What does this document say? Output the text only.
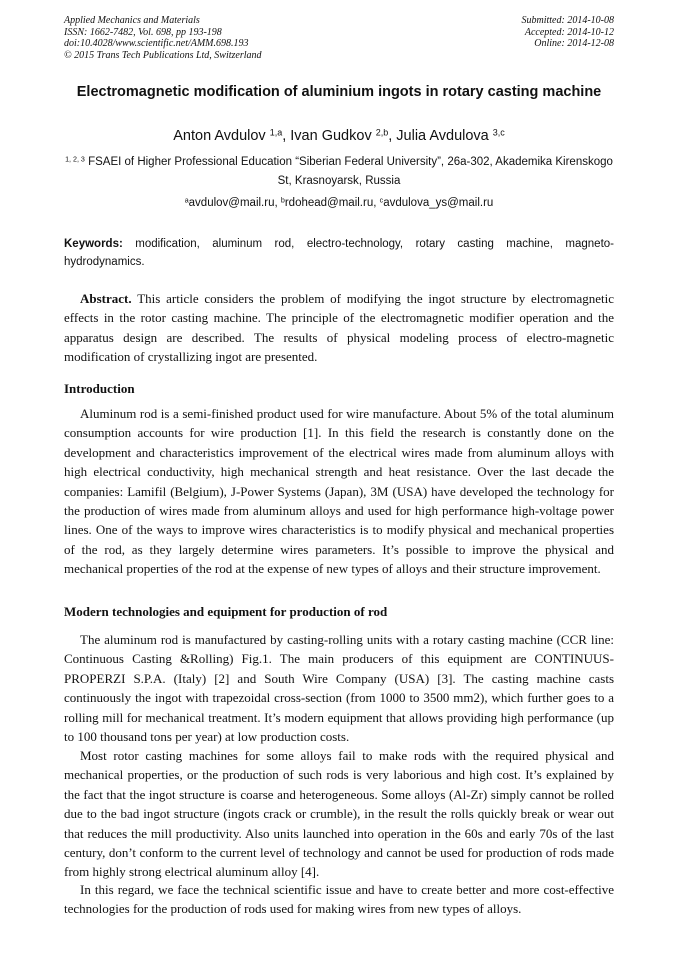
Applied Mechanics and Materials
ISSN: 1662-7482, Vol. 698, pp 193-198
doi:10.4028/www.scientific.net/AMM.698.193
© 2015 Trans Tech Publications Ltd, Switzerland
Submitted: 2014-10-08
Accepted: 2014-10-12
Online: 2014-12-08
Electromagnetic modification of aluminium ingots in rotary casting machine
Anton Avdulov $^{1,a}$, Ivan Gudkov $^{2,b}$, Julia Avdulova $^{3,c}$
$^{1, 2, 3}$ FSAEI of Higher Professional Education “Siberian Federal University”, 26a-302, Akademika Kirenskogo St, Krasnoyarsk, Russia
$^a$avdulov@mail.ru, $^b$rdohead@mail.ru, $^c$avdulova_ys@mail.ru
Keywords: modification, aluminum rod, electro-technology, rotary casting machine, magneto-hydrodynamics.
Abstract. This article considers the problem of modifying the ingot structure by electromagnetic effects in the rotor casting machine. The principle of the electromagnetic modifier operation and the apparatus design are described. The results of physical modeling process of electro-magnetic modification of crystallizing ingot are presented.
Introduction
Aluminum rod is a semi-finished product used for wire manufacture. About 5% of the total aluminum consumption accounts for wire production [1]. In this field the research is constantly done on the development and characteristics improvement of the electrical wires made from aluminum alloys with high electrical conductivity, high mechanical strength and heat resistance. Over the last decade the companies: Lamifil (Belgium), J-Power Systems (Japan), 3M (USA) have developed the technology for the production of wires made from aluminum alloys and used for high performance high-voltage power lines. One of the ways to improve wires characteristics is to modify physical and mechanical properties of the rod, as they largely determine wires parameters. It’s possible to improve the physical and mechanical properties of the rod at the expense of new types of alloys and their structure improvement.
Modern technologies and equipment for production of rod
The aluminum rod is manufactured by casting-rolling units with a rotary casting machine (CCR line: Continuous Casting &Rolling) Fig.1. The main producers of this equipment are CONTINUUS-PROPERZI S.P.A. (Italy) [2] and South Wire Company (USA) [3]. The casting machine casts continuously the ingot with trapezoidal cross-section (from 1000 to 3500 mm2), which further goes to a rolling mill for mechanical treatment. It’s modern equipment that allows providing high performance (up to 100 thousand tons per year) at low production costs.
Most rotor casting machines for some alloys fail to make rods with the required physical and mechanical properties, or the production of such rods is very laborious and high cost. It’s explained by the fact that the ingot structure is coarse and heterogeneous. Some alloys (Al-Zr) simply cannot be rolled due to the bad ingot structure (ingots crack or crumble), in the result the rolls quickly break or wear out that reduces the mill productivity. Also units launched into operation in the 60s and early 70s of the last century, don’t conform to the current level of technology and cannot be used for production of rods made from highly strong electrical aluminum alloy [4].
In this regard, we face the technical scientific issue and have to create better and more cost-effective technologies for the production of rods used for making wires from new types of alloys.
